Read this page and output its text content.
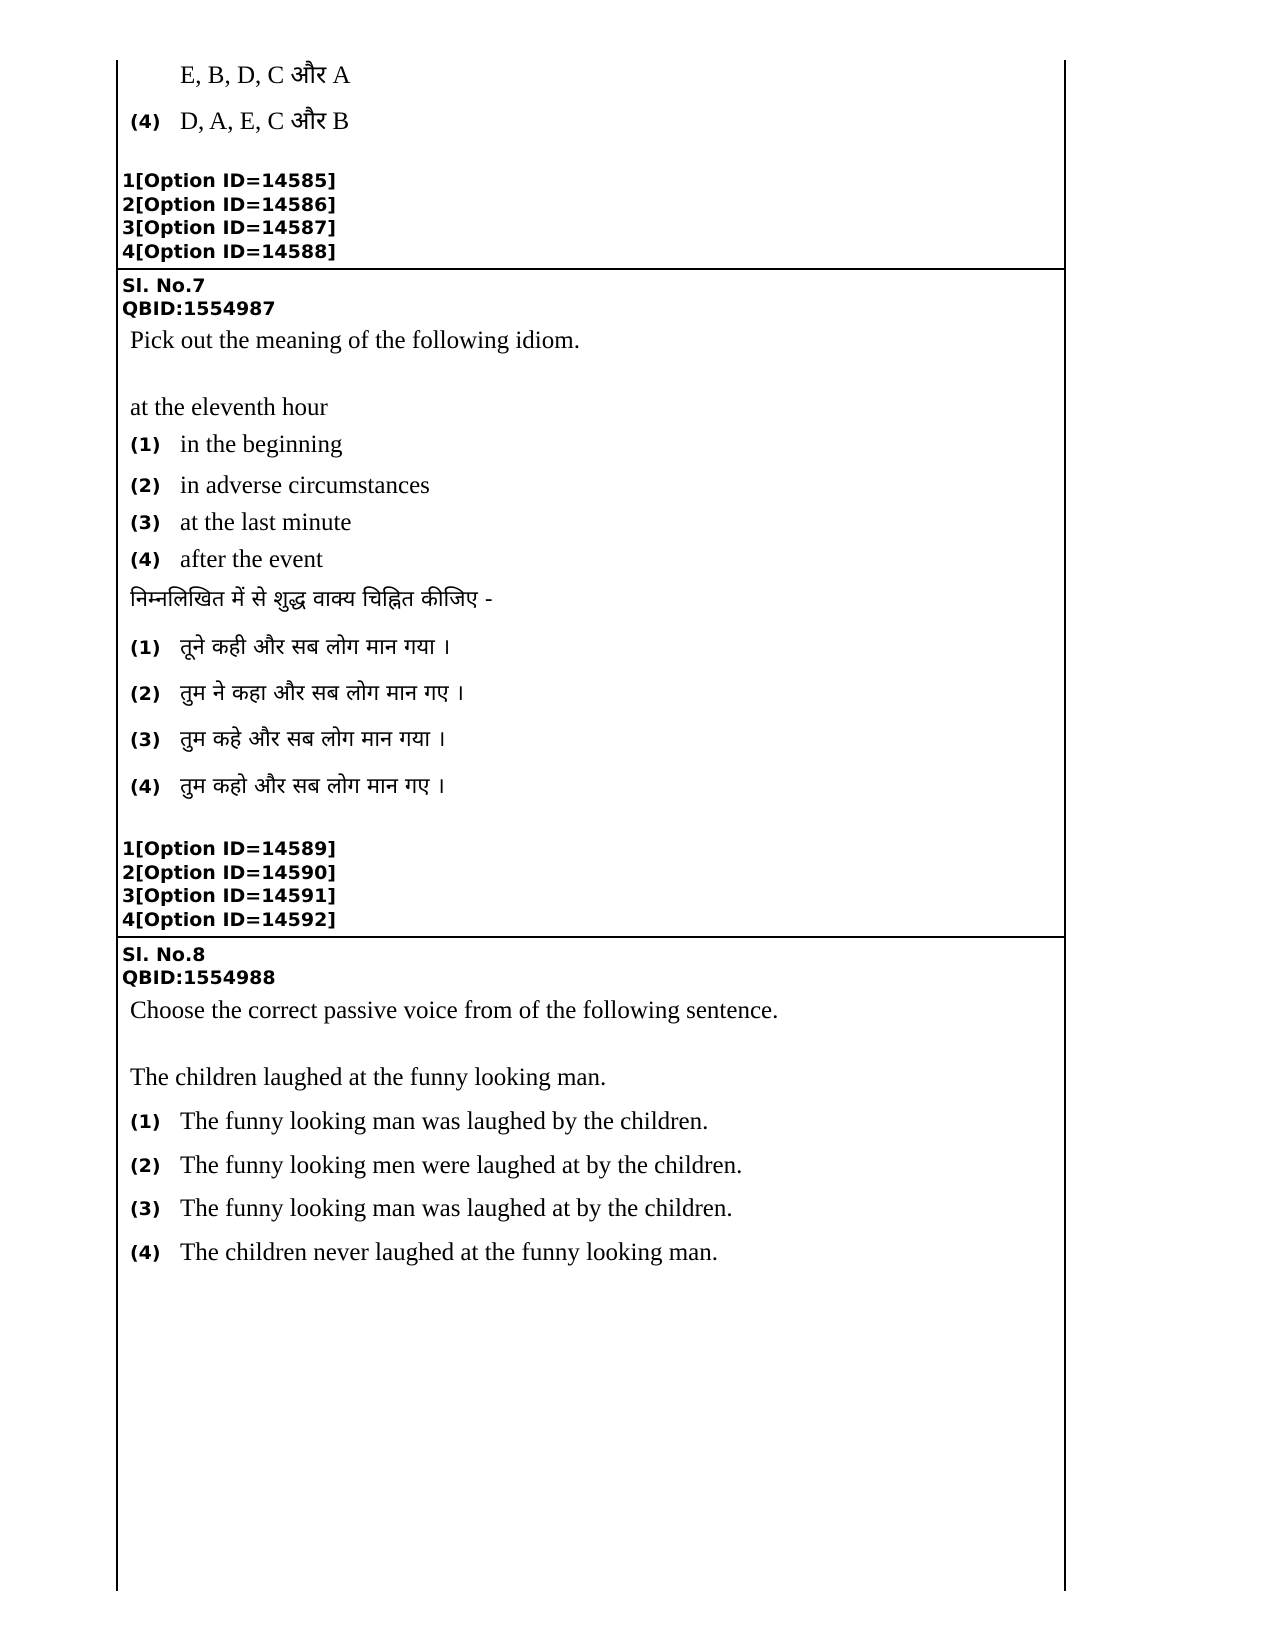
E, B, D, C और A
(4) D, A, E, C और B
1[Option ID=14585]
2[Option ID=14586]
3[Option ID=14587]
4[Option ID=14588]
Sl. No.7
QBID:1554987
Pick out the meaning of the following idiom.
at the eleventh hour
(1) in the beginning
(2) in adverse circumstances
(3) at the last minute
(4) after the event
निम्नलिखित में से शुद्ध वाक्य चिह्नित कीजिए -
(1) तूने कही और सब लोग मान गया ।
(2) तुम ने कहा और सब लोग मान गए ।
(3) तुम कहे और सब लोग मान गया ।
(4) तुम कहो और सब लोग मान गए ।
1[Option ID=14589]
2[Option ID=14590]
3[Option ID=14591]
4[Option ID=14592]
Sl. No.8
QBID:1554988
Choose the correct passive voice from of the following sentence.
The children laughed at the funny looking man.
(1) The funny looking man was laughed by the children.
(2) The funny looking men were laughed at by the children.
(3) The funny looking man was laughed at by the children.
(4) The children never laughed at the funny looking man.
